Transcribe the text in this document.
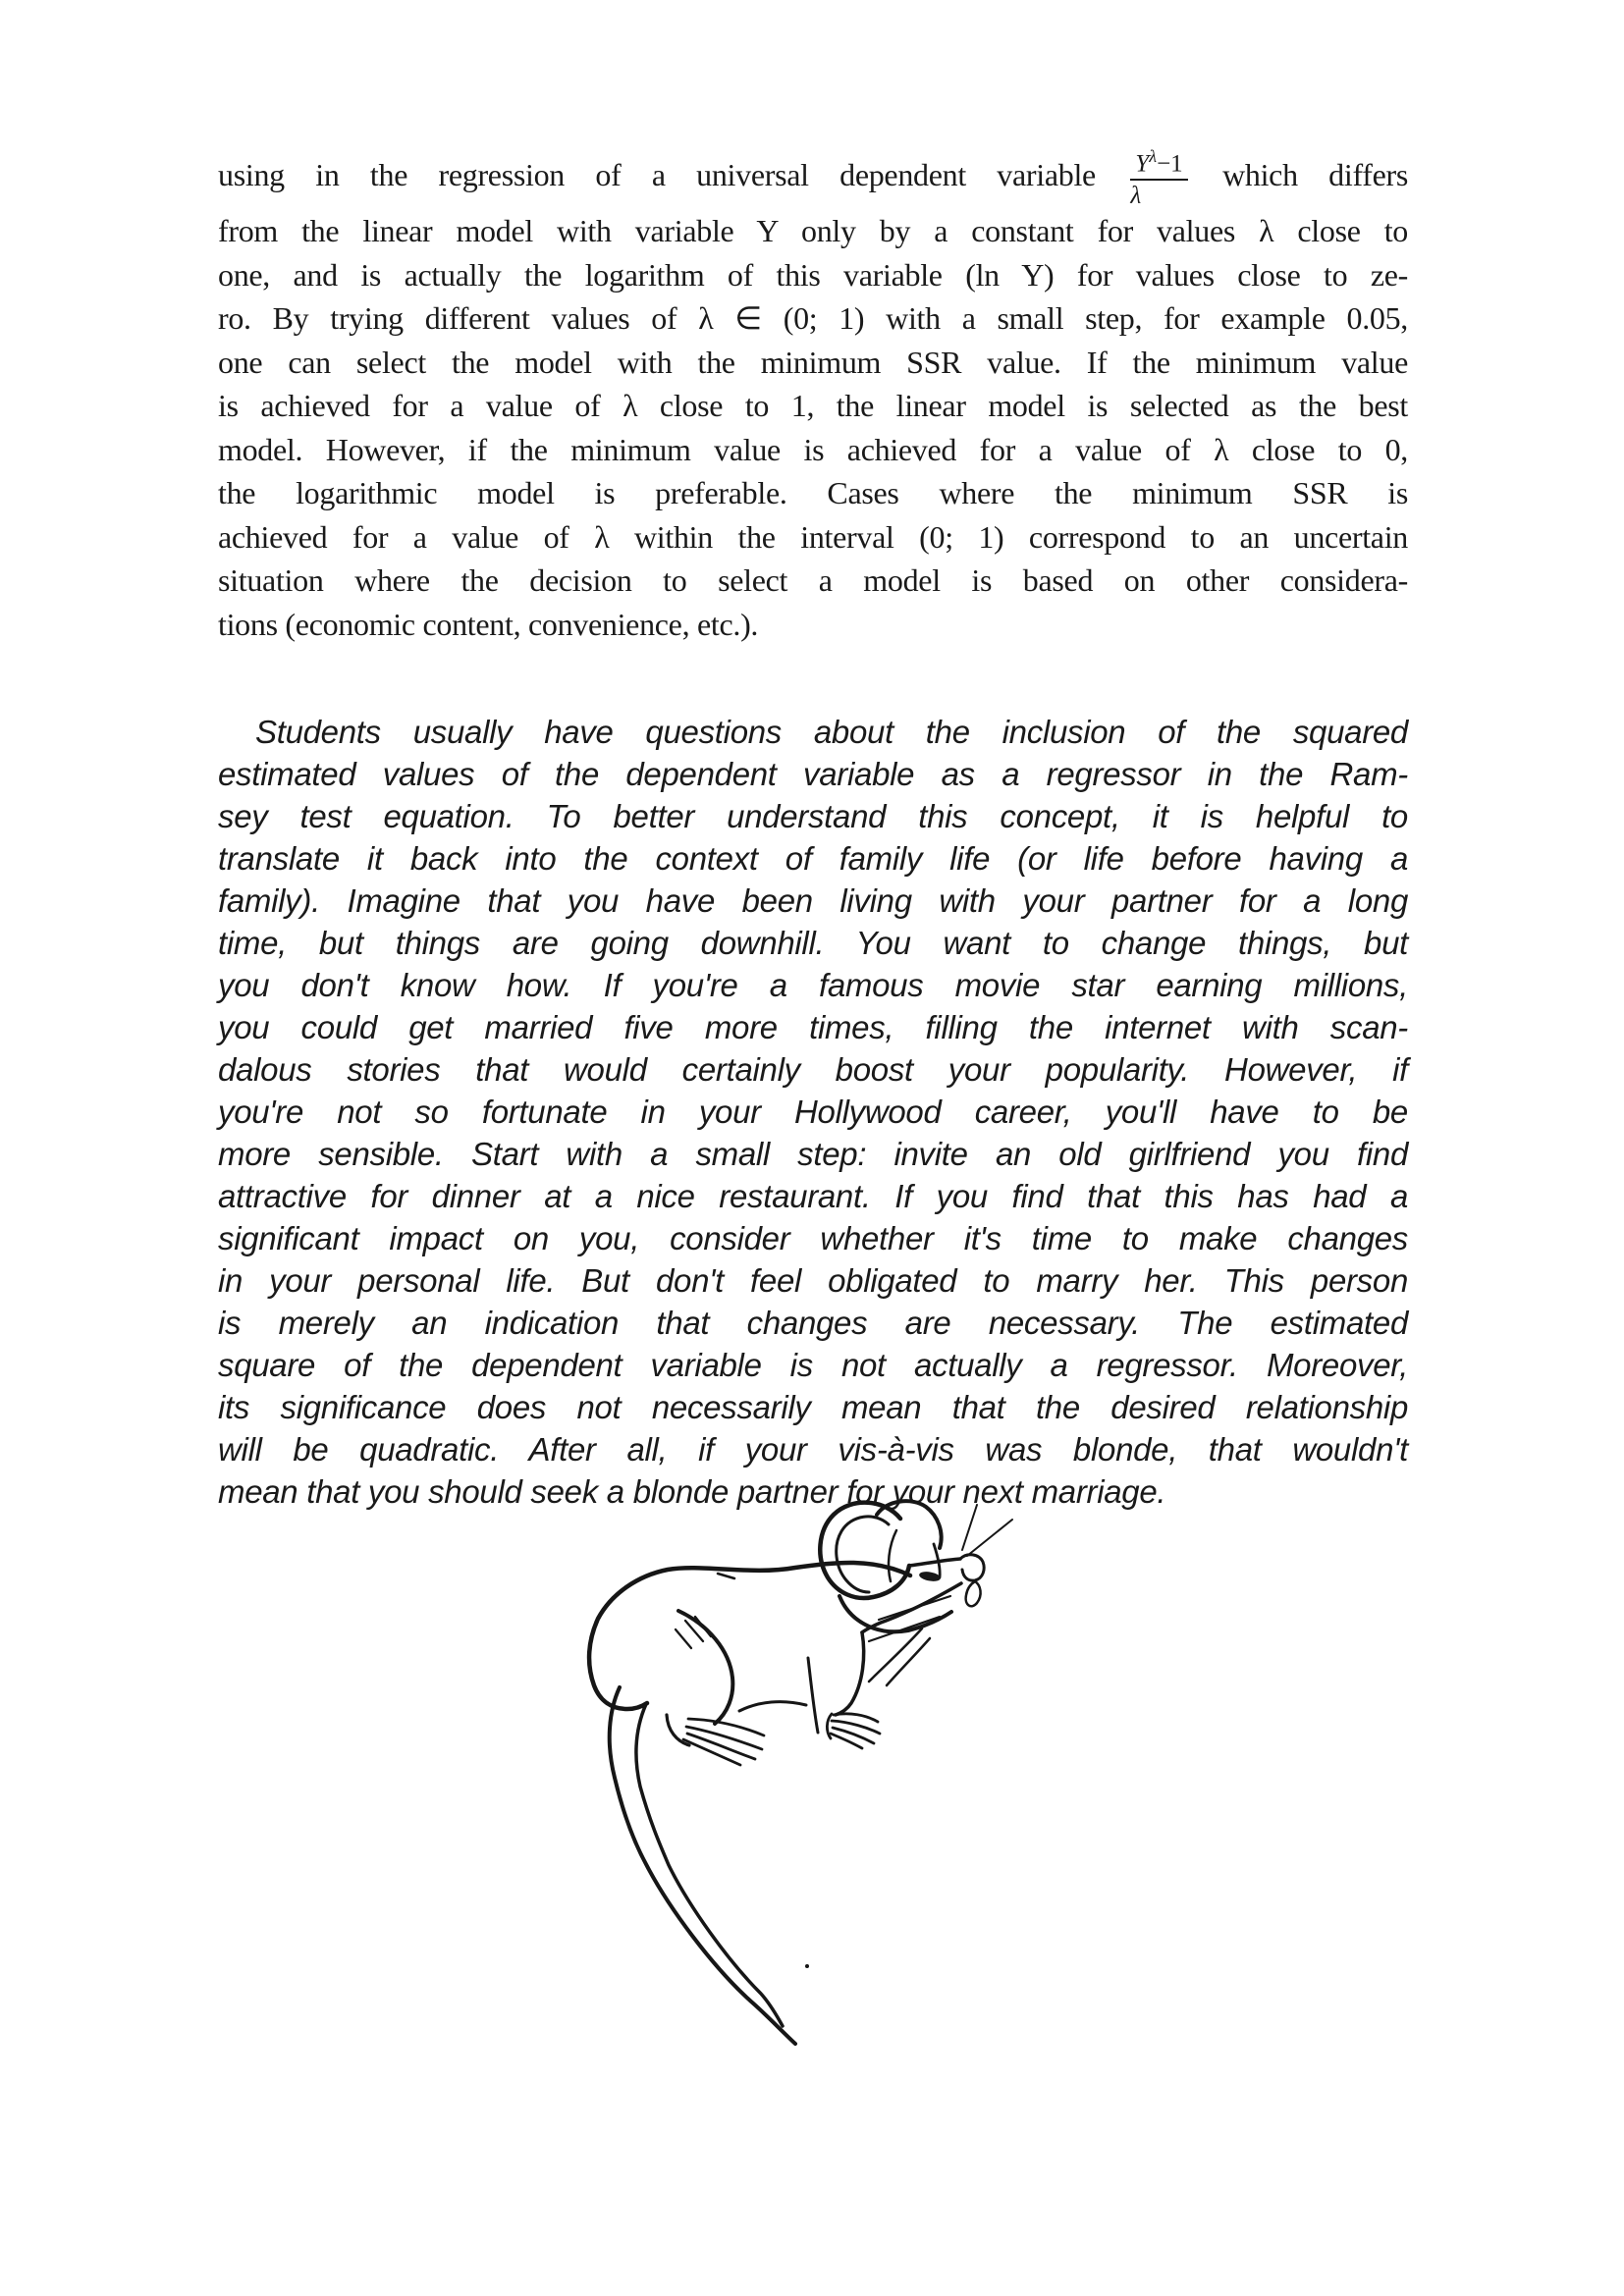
using in the regression of a universal dependent variable $\frac{Y^\lambda-1}{\lambda}$ which differs
from the linear model with variable Y only by a constant for values λ close to
one, and is actually the logarithm of this variable (ln Y) for values close to ze-
ro. By trying different values of λ ∈ (0; 1) with a small step, for example 0.05,
one can select the model with the minimum SSR value. If the minimum value
is achieved for a value of λ close to 1, the linear model is selected as the best
model. However, if the minimum value is achieved for a value of λ close to 0,
the logarithmic model is preferable. Cases where the minimum SSR is
achieved for a value of λ within the interval (0; 1) correspond to an uncertain
situation where the decision to select a model is based on other considera-
tions (economic content, convenience, etc.).
Students usually have questions about the inclusion of the squared
estimated values of the dependent variable as a regressor in the Ram-
sey test equation. To better understand this concept, it is helpful to
translate it back into the context of family life (or life before having a
family). Imagine that you have been living with your partner for a long
time, but things are going downhill. You want to change things, but
you don't know how. If you're a famous movie star earning millions,
you could get married five more times, filling the internet with scan-
dalous stories that would certainly boost your popularity. However, if
you're not so fortunate in your Hollywood career, you'll have to be
more sensible. Start with a small step: invite an old girlfriend you find
attractive for dinner at a nice restaurant. If you find that this has had a
significant impact on you, consider whether it's time to make changes
in your personal life. But don't feel obligated to marry her. This person
is merely an indication that changes are necessary. The estimated
square of the dependent variable is not actually a regressor. Moreover,
its significance does not necessarily mean that the desired relationship
will be quadratic. After all, if your vis-à-vis was blonde, that wouldn't
mean that you should seek a blonde partner for your next marriage.
